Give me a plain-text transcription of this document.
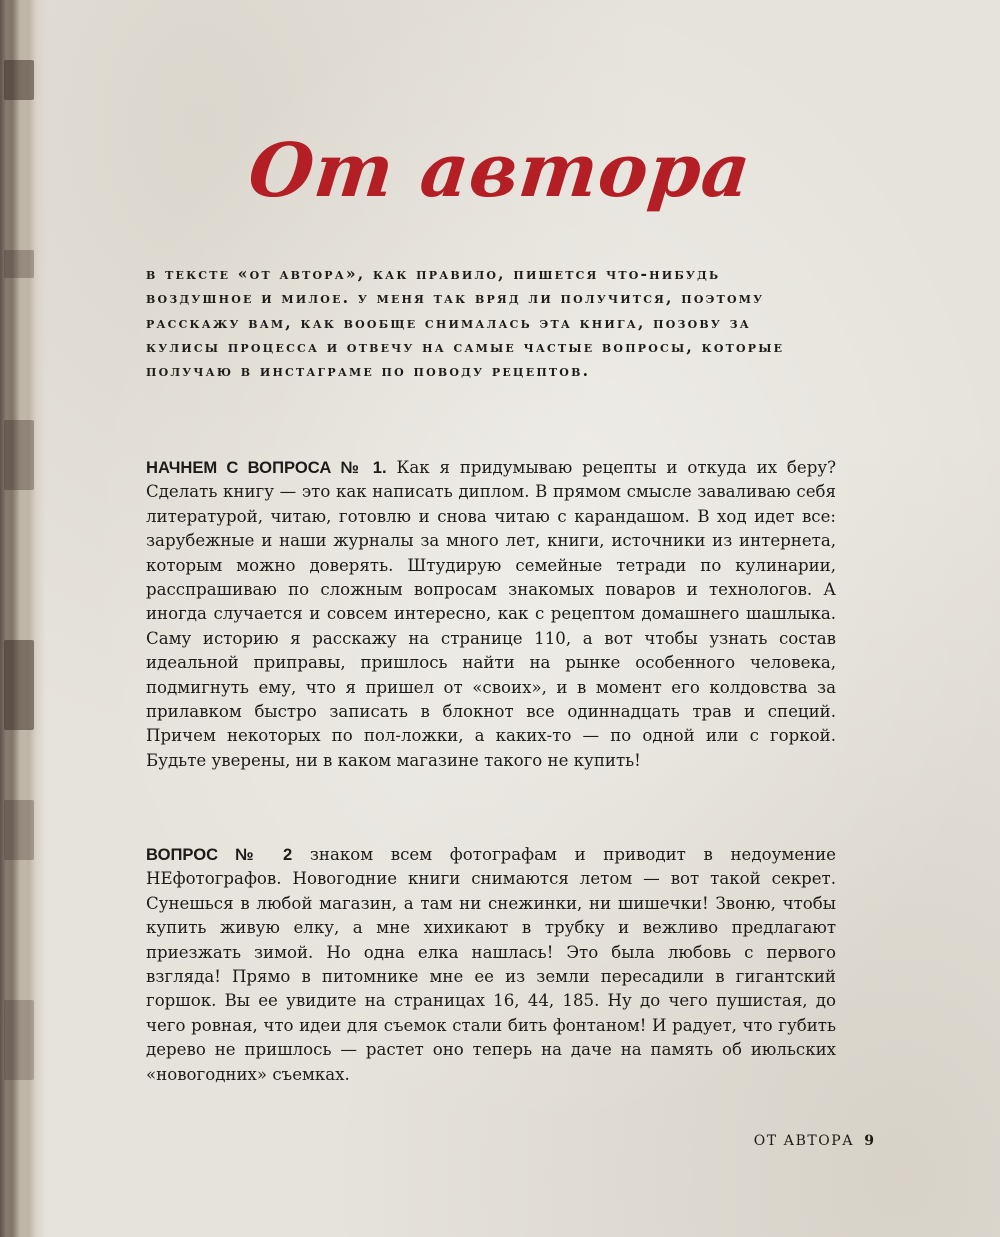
От автора
в тексте «от автора», как правило, пишется что-нибудь воздушное и милое. у меня так вряд ли получится, поэтому расскажу вам, как вообще снималась эта книга, позову за кулисы процесса и отвечу на самые частые вопросы, которые получаю в инстаграме по поводу рецептов.
НАЧНЕМ С ВОПРОСА № 1. Как я придумываю рецепты и откуда их беру? Сделать книгу — это как написать диплом. В прямом смысле заваливаю себя литературой, читаю, готовлю и снова читаю с карандашом. В ход идет все: зарубежные и наши журналы за много лет, книги, источники из интернета, которым можно доверять. Штудирую семейные тетради по кулинарии, расспрашиваю по сложным вопросам знакомых поваров и технологов. А иногда случается и совсем интересно, как с рецептом домашнего шашлыка. Саму историю я расскажу на странице 110, а вот чтобы узнать состав идеальной приправы, пришлось найти на рынке особенного человека, подмигнуть ему, что я пришел от «своих», и в момент его колдовства за прилавком быстро записать в блокнот все одиннадцать трав и специй. Причем некоторых по пол-ложки, а каких-то — по одной или с горкой. Будьте уверены, ни в каком магазине такого не купить!
ВОПРОС № 2 знаком всем фотографам и приводит в недоумение НЕфотографов. Новогодние книги снимаются летом — вот такой секрет. Сунешься в любой магазин, а там ни снежинки, ни шишечки! Звоню, чтобы купить живую елку, а мне хихикают в трубку и вежливо предлагают приезжать зимой. Но одна елка нашлась! Это была любовь с первого взгляда! Прямо в питомнике мне ее из земли пересадили в гигантский горшок. Вы ее увидите на страницах 16, 44, 185. Ну до чего пушистая, до чего ровная, что идеи для съемок стали бить фонтаном! И радует, что губить дерево не пришлось — растет оно теперь на даче на память об июльских «новогодних» съемках.
ОТ АВТОРА 9
